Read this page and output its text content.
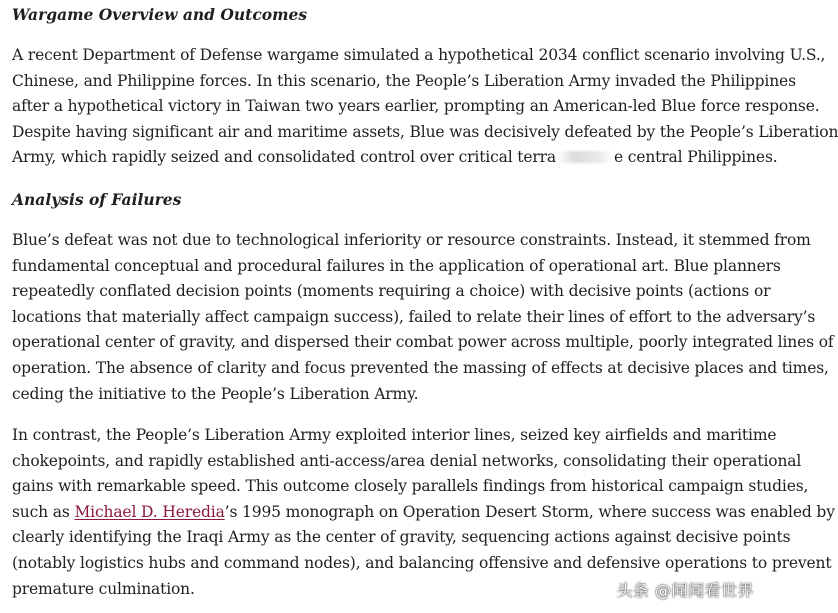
Wargame Overview and Outcomes
A recent Department of Defense wargame simulated a hypothetical 2034 conflict scenario involving U.S.,
Chinese, and Philippine forces. In this scenario, the People’s Liberation Army invaded the Philippines
after a hypothetical victory in Taiwan two years earlier, prompting an American-led Blue force response.
Despite having significant air and maritime assets, Blue was decisively defeated by the People’s Liberation
Army, which rapidly seized and consolidated control over critical terra	e central Philippines.
Analysis of Failures
Blue’s defeat was not due to technological inferiority or resource constraints. Instead, it stemmed from
fundamental conceptual and procedural failures in the application of operational art. Blue planners
repeatedly conflated decision points (moments requiring a choice) with decisive points (actions or
locations that materially affect campaign success), failed to relate their lines of effort to the adversary’s
operational center of gravity, and dispersed their combat power across multiple, poorly integrated lines of
operation. The absence of clarity and focus prevented the massing of effects at decisive places and times,
ceding the initiative to the People’s Liberation Army.
In contrast, the People’s Liberation Army exploited interior lines, seized key airfields and maritime
chokepoints, and rapidly established anti-access/area denial networks, consolidating their operational
gains with remarkable speed. This outcome closely parallels findings from historical campaign studies,
such as Michael D. Heredia’s 1995 monograph on Operation Desert Storm, where success was enabled by
clearly identifying the Iraqi Army as the center of gravity, sequencing actions against decisive points
(notably logistics hubs and command nodes), and balancing offensive and defensive operations to prevent
premature culmination.	头条 @闻闻看世界
